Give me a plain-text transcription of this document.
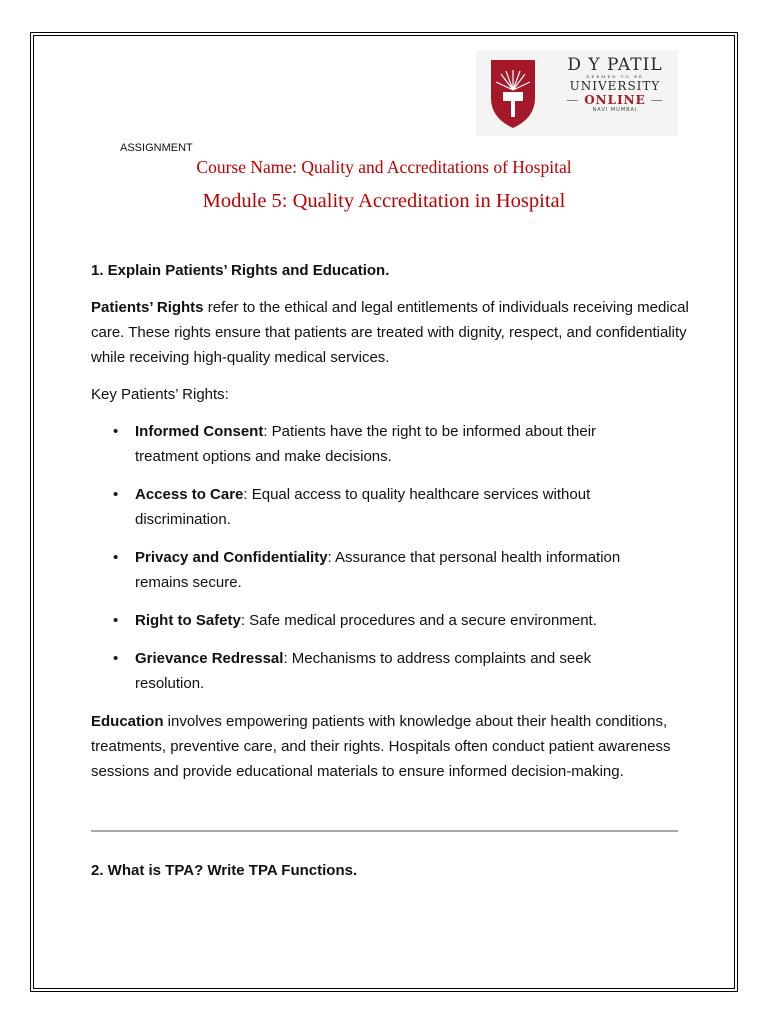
D Y PATIL
DEEMED TO BE
UNIVERSITY
— ONLINE —
NAVI MUMBAI
ASSIGNMENT
Course Name: Quality and Accreditations of Hospital
Module 5: Quality Accreditation in Hospital

1. Explain Patients’ Rights and Education.

Patients’ Rights refer to the ethical and legal entitlements of individuals receiving medical care. These rights ensure that patients are treated with dignity, respect, and confidentiality while receiving high-quality medical services.

Key Patients’ Rights:

• Informed Consent: Patients have the right to be informed about their treatment options and make decisions.
• Access to Care: Equal access to quality healthcare services without discrimination.
• Privacy and Confidentiality: Assurance that personal health information remains secure.
• Right to Safety: Safe medical procedures and a secure environment.
• Grievance Redressal: Mechanisms to address complaints and seek resolution.

Education involves empowering patients with knowledge about their health conditions, treatments, preventive care, and their rights. Hospitals often conduct patient awareness sessions and provide educational materials to ensure informed decision-making.

2. What is TPA? Write TPA Functions.
